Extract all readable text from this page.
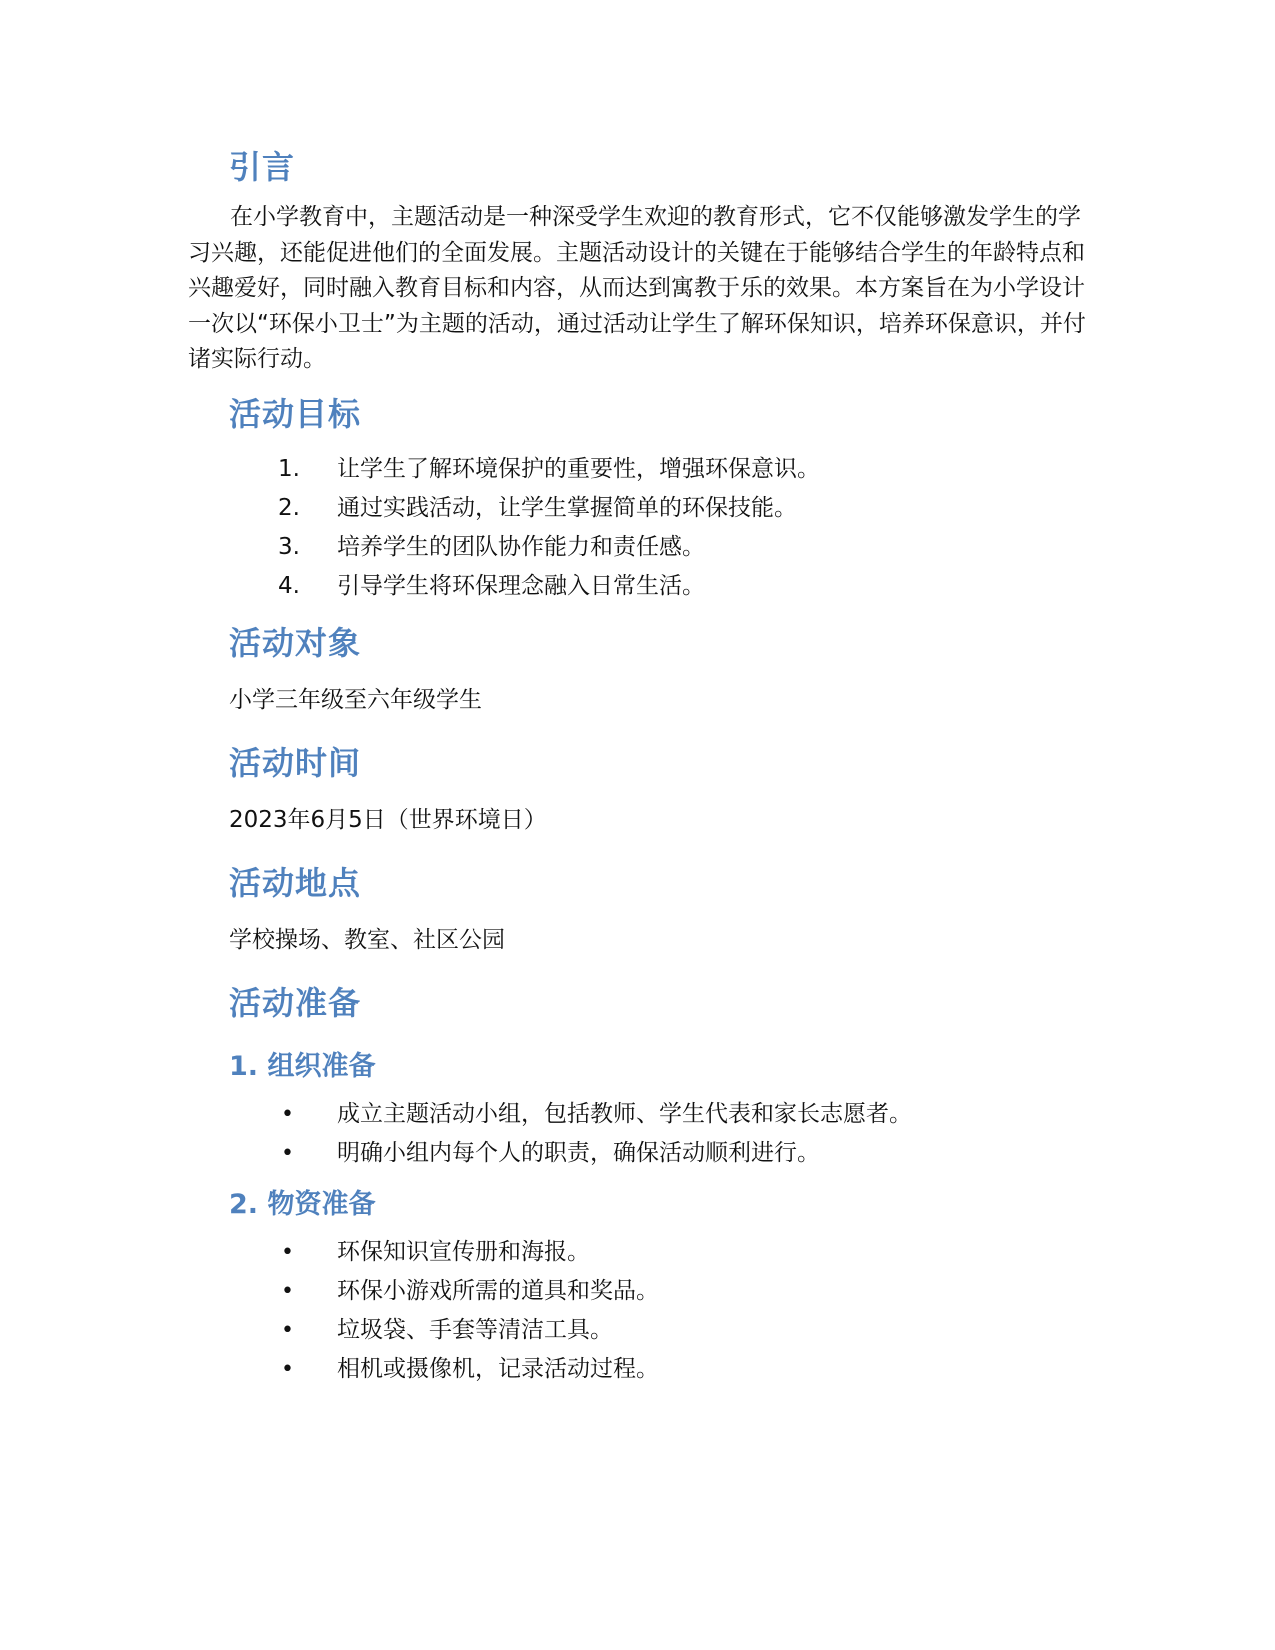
引言

在小学教育中，主题活动是一种深受学生欢迎的教育形式，它不仅能够激发学生的学习兴趣，还能促进他们的全面发展。主题活动设计的关键在于能够结合学生的年龄特点和兴趣爱好，同时融入教育目标和内容，从而达到寓教于乐的效果。本方案旨在为小学设计一次以“环保小卫士”为主题的活动，通过活动让学生了解环保知识，培养环保意识，并付诸实际行动。

活动目标
1. 让学生了解环境保护的重要性，增强环保意识。
2. 通过实践活动，让学生掌握简单的环保技能。
3. 培养学生的团队协作能力和责任感。
4. 引导学生将环保理念融入日常生活。
活动对象

小学三年级至六年级学生

活动时间

2023年6月5日（世界环境日）

活动地点

学校操场、教室、社区公园

活动准备
1. 组织准备
• 成立主题活动小组，包括教师、学生代表和家长志愿者。
• 明确小组内每个人的职责，确保活动顺利进行。
2. 物资准备
• 环保知识宣传册和海报。
• 环保小游戏所需的道具和奖品。
• 垃圾袋、手套等清洁工具。
• 相机或摄像机，记录活动过程。
